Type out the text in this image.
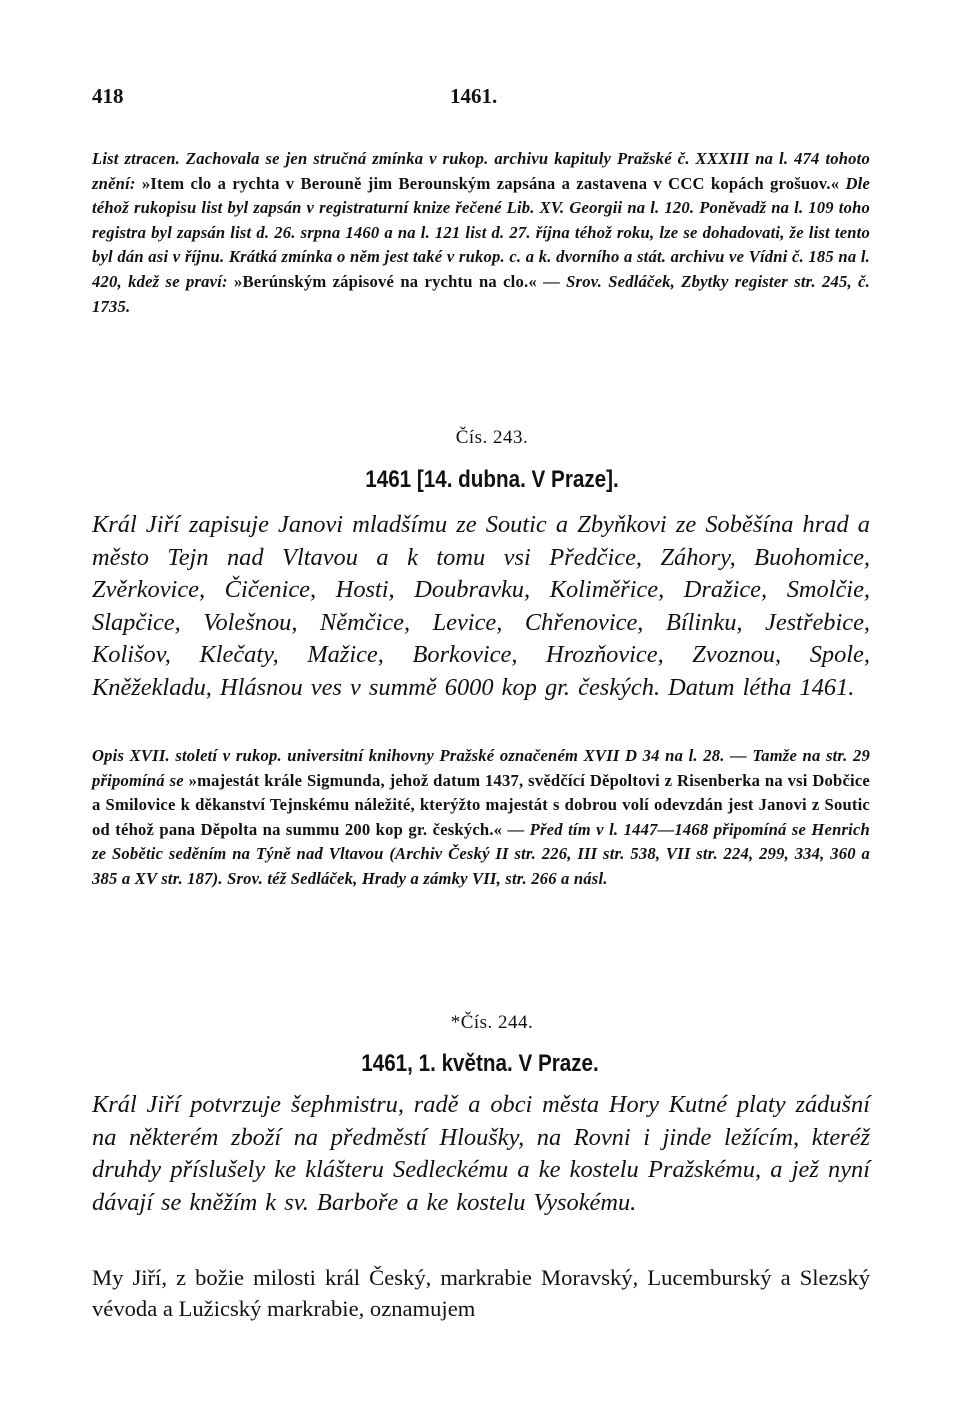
418	1461.

List ztracen. Zachovala se jen stručná zmínka v rukop. archivu kapituly Pražské č. XXXIII na l. 474 tohoto znění: »Item clo a rychta v Berouně jim Berounským zapsána a zastavena v CCC kopách grošuov.« Dle téhož rukopisu list byl zapsán v registraturní knize řečené Lib. XV. Georgii na l. 120. Poněvadž na l. 109 toho registra byl zapsán list d. 26. srpna 1460 a na l. 121 list d. 27. října téhož roku, lze se dohadovati, že list tento byl dán asi v říjnu. Krátká zmínka o něm jest také v rukop. c. a k. dvorního a stát. archivu ve Vídni č. 185 na l. 420, kdež se praví: »Berúnským zápisové na rychtu na clo.« — Srov. Sedláček, Zbytky register str. 245, č. 1735.

Čís. 243.
1461 [14. dubna. V Praze].

Král Jiří zapisuje Janovi mladšímu ze Soutic a Zbyňkovi ze Soběšína hrad a město Tejn nad Vltavou a k tomu vsi Předčice, Záhory, Buohomice, Zvěrkovice, Čičenice, Hosti, Doubravku, Koliměřice, Dražice, Smolčie, Slapčice, Volešnou, Němčice, Levice, Chřenovice, Bílinku, Jestřebice, Kolišov, Klečaty, Mažice, Borkovice, Hrozňovice, Zvoznou, Spole, Kněžekladu, Hlásnou ves v summě 6000 kop gr. českých. Datum létha 1461.

Opis XVII. století v rukop. universitní knihovny Pražské označeném XVII D 34 na l. 28. — Tamže na str. 29 připomíná se »majestát krále Sigmunda, jehož datum 1437, svědčící Děpoltovi z Risenberka na vsi Dobčice a Smilovice k děkanství Tejnskému náležité, kterýžto majestát s dobrou volí odevzdán jest Janovi z Soutic od téhož pana Děpolta na summu 200 kop gr. českých.« — Před tím v l. 1447—1468 připomíná se Henrich ze Sobětic seděním na Týně nad Vltavou (Archiv Český II str. 226, III str. 538, VII str. 224, 299, 334, 360 a 385 a XV str. 187). Srov. též Sedláček, Hrady a zámky VII, str. 266 a násl.

*Čís. 244.
1461, 1. května. V Praze.

Král Jiří potvrzuje šephmistru, radě a obci města Hory Kutné platy zádušní na některém zboží na předměstí Hloušky, na Rovni i jinde ležícím, kteréž druhdy příslušely ke klášteru Sedleckému a ke kostelu Pražskému, a jež nyní dávají se kněžím k sv. Barboře a ke kostelu Vysokému.

My Jiří, z božie milosti král Český, markrabie Moravský, Lucemburský a Slezský vévoda a Lužicský markrabie, oznamujem
